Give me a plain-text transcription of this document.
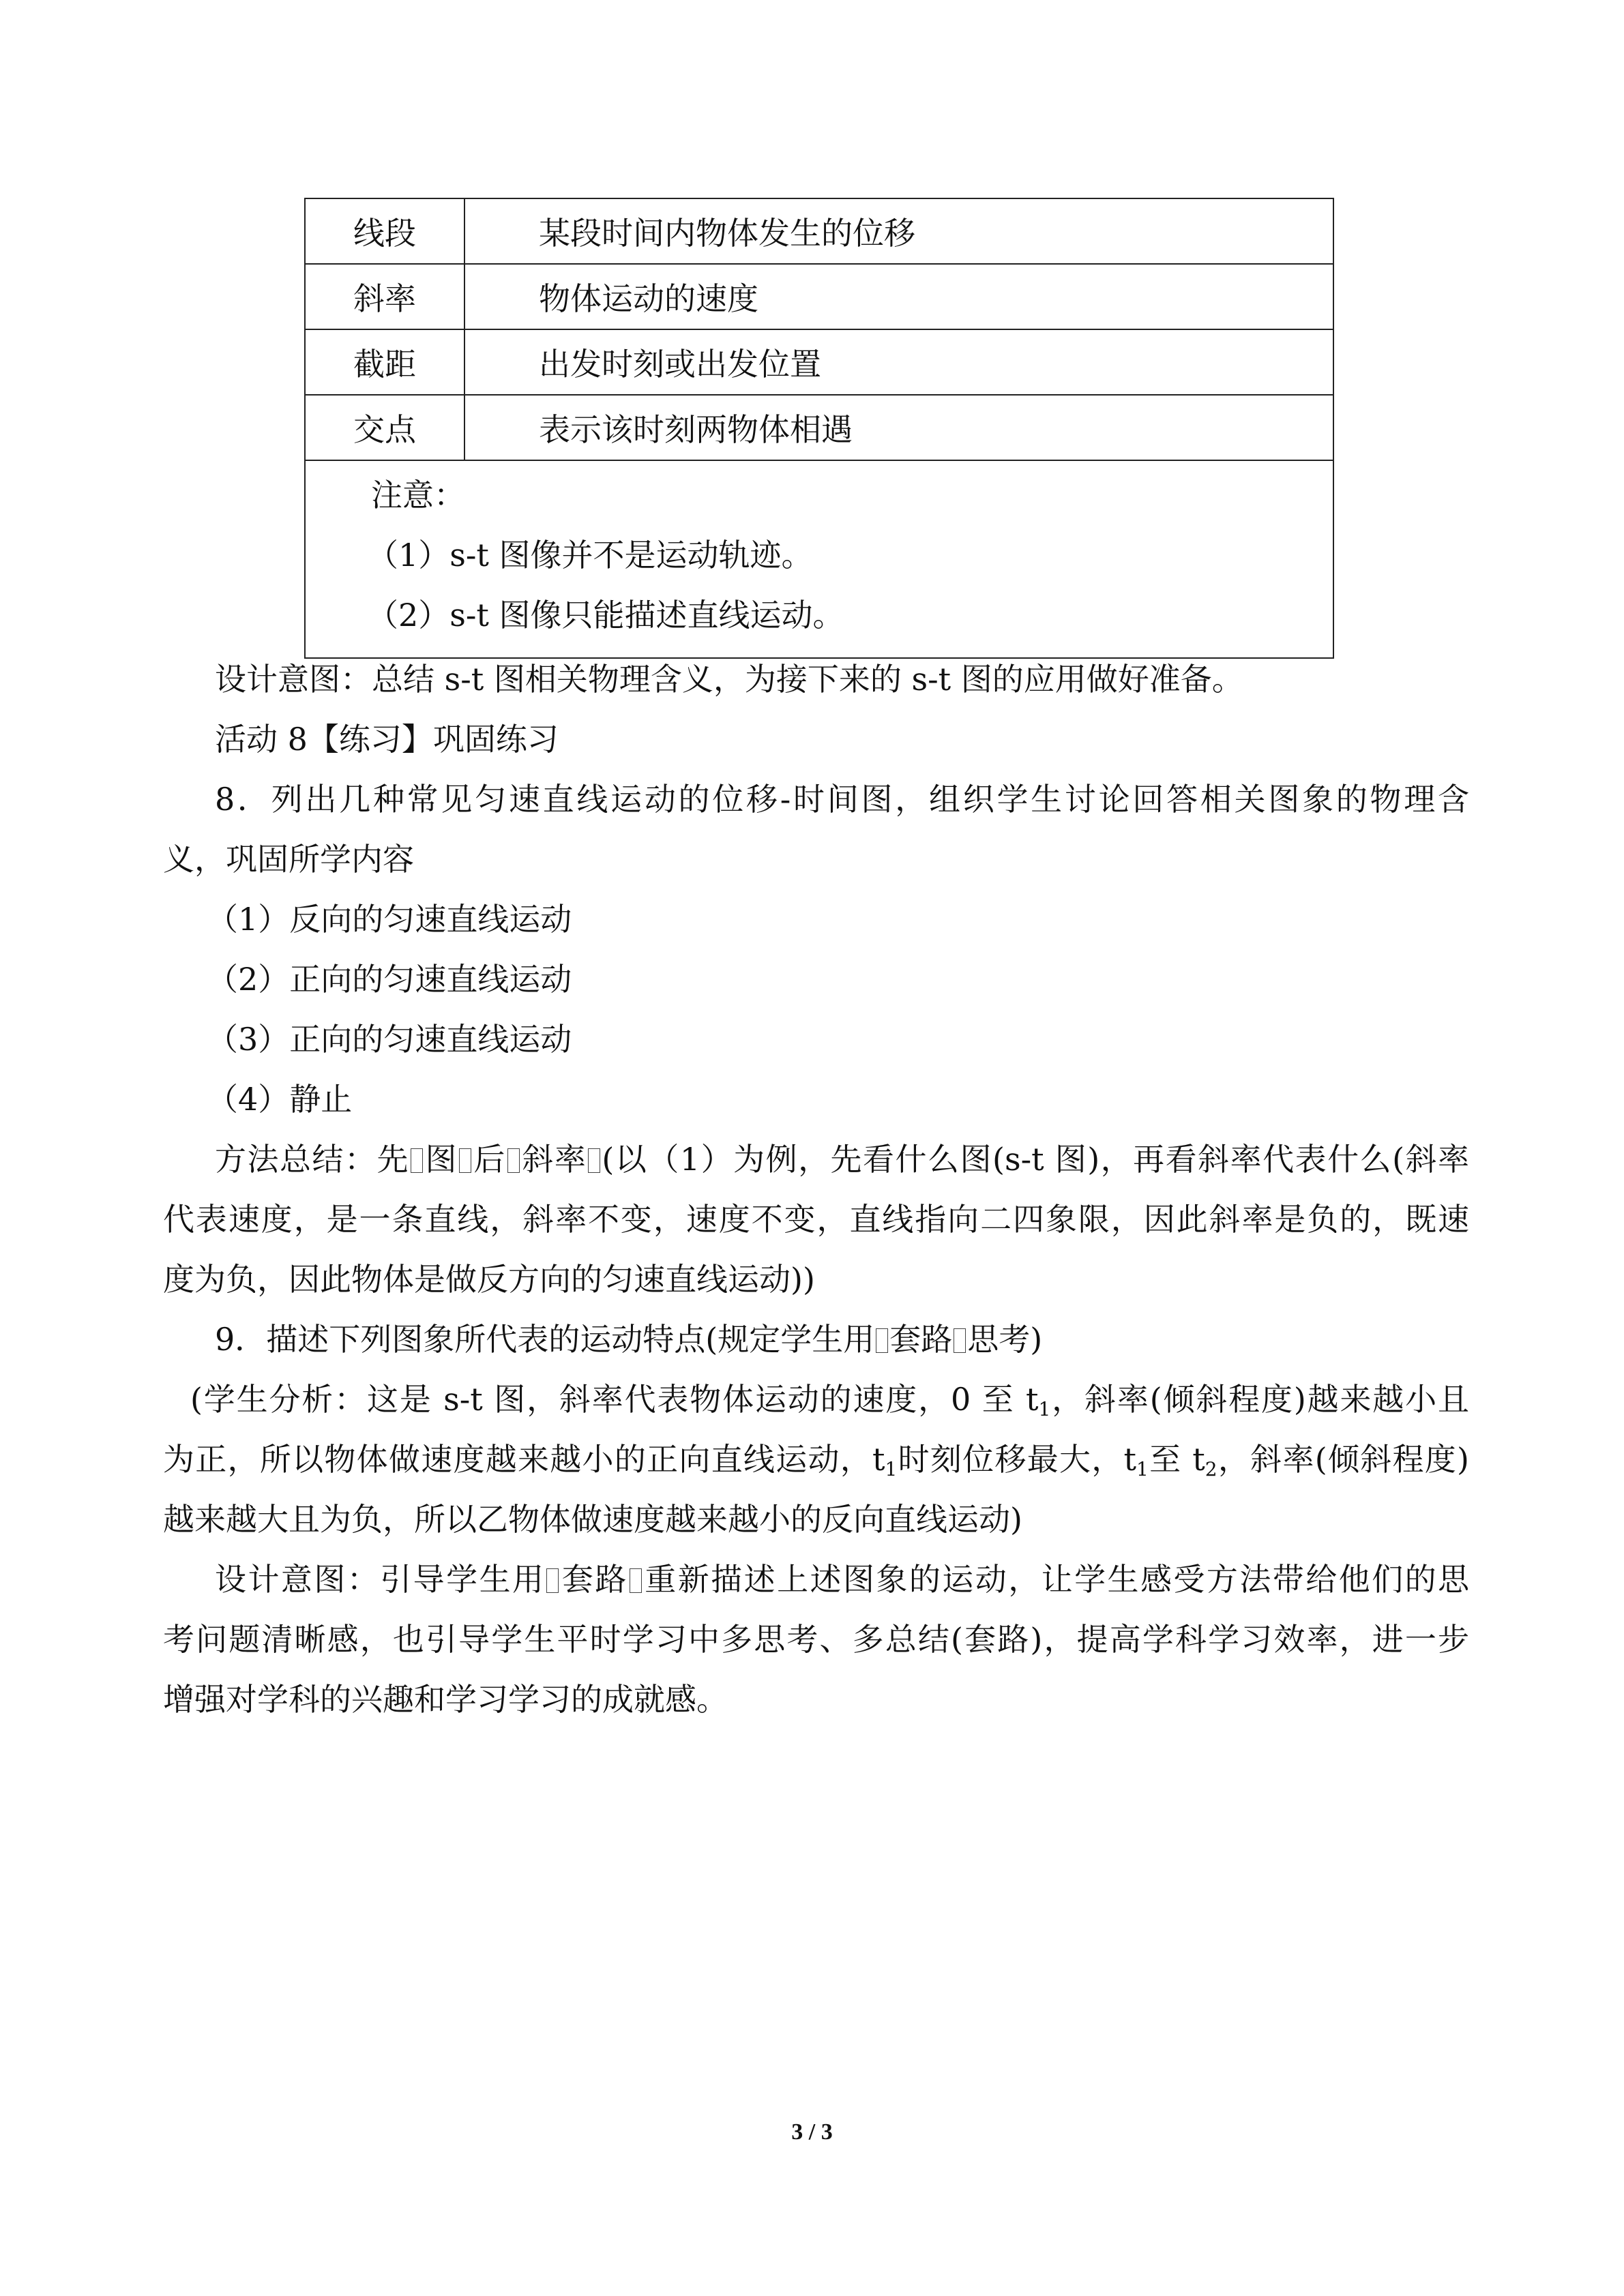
线段	某段时间内物体发生的位移
斜率	物体运动的速度
截距	出发时刻或出发位置
交点	表示该时刻两物体相遇

注意：
（1）s-t 图像并不是运动轨迹。
（2）s-t 图像只能描述直线运动。	
设计意图：总结 s-t 图相关物理含义，为接下来的 s-t 图的应用做好准备。
活动 8【练习】巩固练习
8．列出几种常见匀速直线运动的位移-时间图，组织学生讨论回答相关图象的物理含
义，巩固所学内容
（1）反向的匀速直线运动
（2）正向的匀速直线运动
（3）正向的匀速直线运动
（4）静止
方法总结：先 图 后 斜率 (以（1）为例，先看什么图(s-t 图)，再看斜率代表什么(斜率
代表速度，是一条直线，斜率不变，速度不变，直线指向二四象限，因此斜率是负的，既速
度为负，因此物体是做反方向的匀速直线运动))
9．描述下列图象所代表的运动特点(规定学生用 套路 思考)
(学生分析：这是 s-t 图，斜率代表物体运动的速度，0 至 $t_1$，斜率(倾斜程度)越来越小且
为正，所以物体做速度越来越小的正向直线运动，$t_1$时刻位移最大，$t_1$至 $t_2$，斜率(倾斜程度)
越来越大且为负，所以乙物体做速度越来越小的反向直线运动)
设计意图：引导学生用 套路 重新描述上述图象的运动，让学生感受方法带给他们的思
考问题清晰感，也引导学生平时学习中多思考、多总结(套路)，提高学科学习效率，进一步
增强对学科的兴趣和学习学习的成就感。
3 / 3
